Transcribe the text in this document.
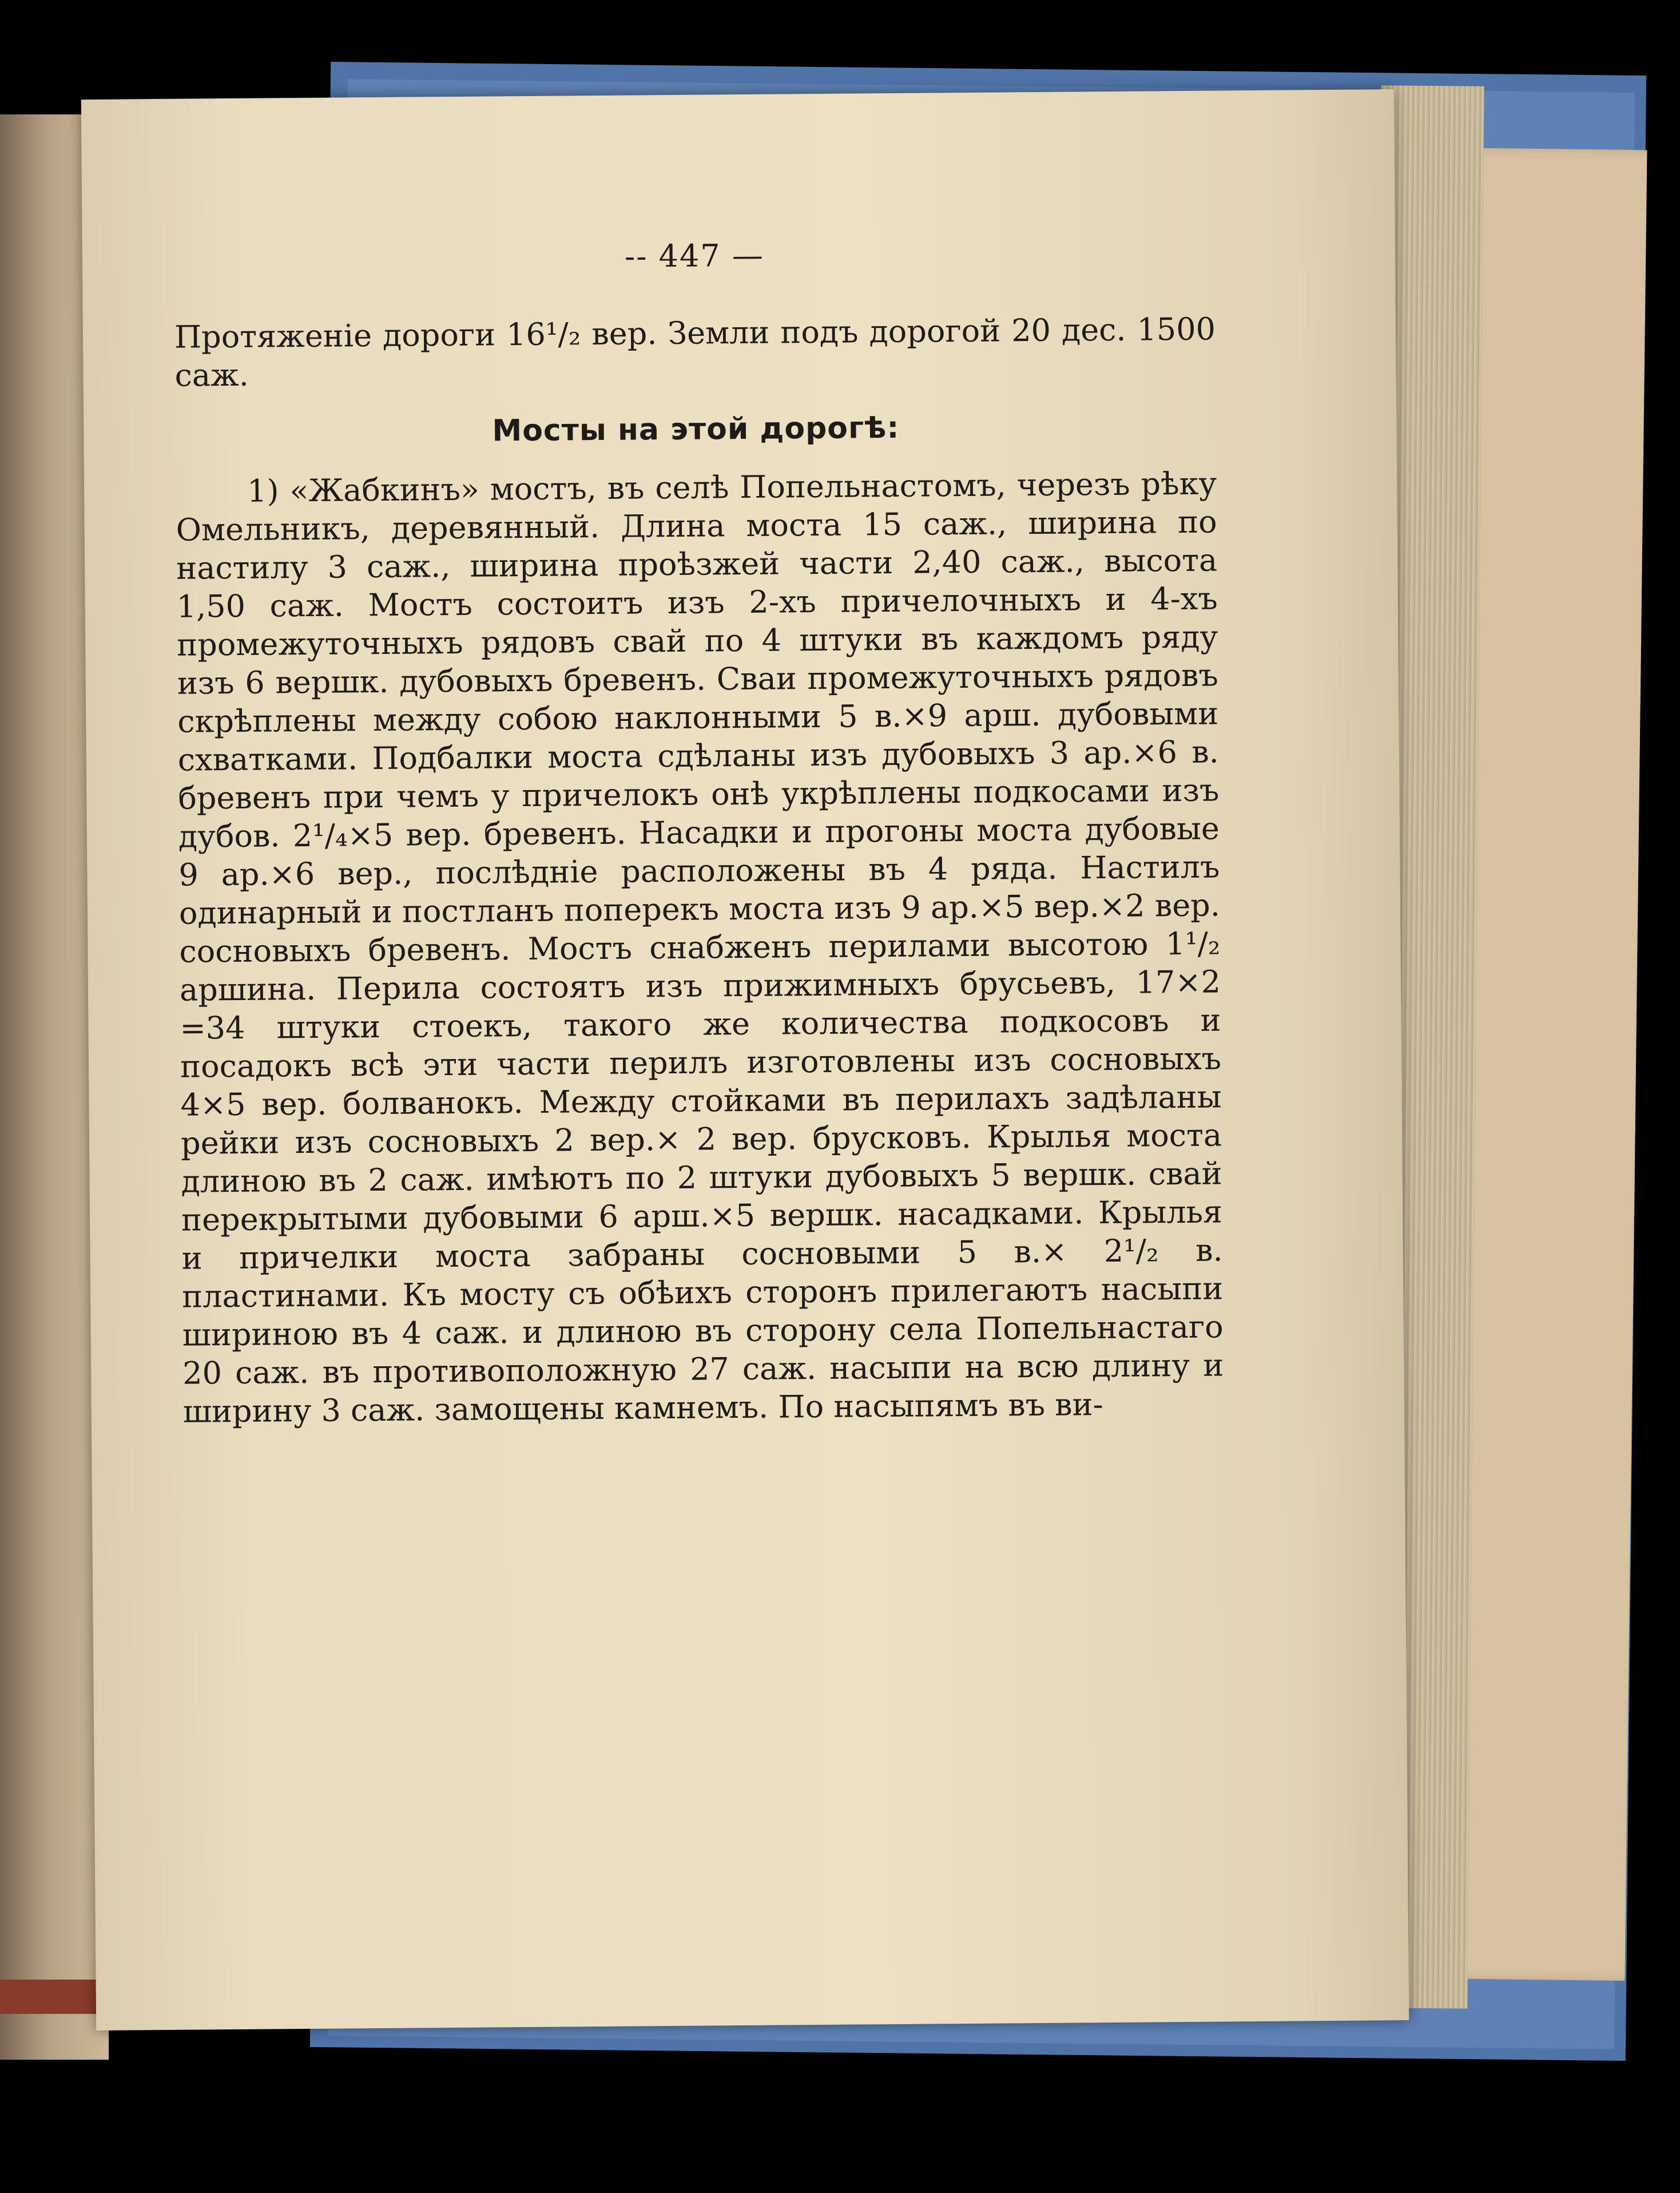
-- 447 —

Протяженіе дороги 16¹/₂ вер. Земли подъ дорогой 20 дес. 1500 саж.

Мосты на этой дорогѣ:

1) «Жабкинъ» мостъ, въ селѣ Попельнастомъ, черезъ рѣку Омельникъ, деревянный. Длина моста 15 саж., ширина по настилу 3 саж., ширина проѣзжей части 2,40 саж., высота 1,50 саж. Мостъ состоитъ изъ 2-хъ причелочныхъ и 4-хъ промежуточныхъ рядовъ свай по 4 штуки въ каждомъ ряду изъ 6 вершк. дубовыхъ бревенъ. Сваи промежуточныхъ рядовъ скрѣплены между собою наклонными 5 в.×9 арш. дубовыми схватками. Подбалки моста сдѣланы изъ дубовыхъ 3 ар.×6 в. бревенъ при чемъ у причелокъ онѣ укрѣплены подкосами изъ дубов. 2¹/₄×5 вер. бревенъ. Насадки и прогоны моста дубовые 9 ар.×6 вер., послѣдніе расположены въ 4 ряда. Настилъ одинарный и постланъ поперекъ моста изъ 9 ар.×5 вер.×2 вер. сосновыхъ бревенъ. Мостъ снабженъ перилами высотою 1¹/₂ аршина. Перила состоятъ изъ прижимныхъ брусьевъ, 17×2 =34 штуки стоекъ, такого же количества подкосовъ и посадокъ всѣ эти части перилъ изготовлены изъ сосновыхъ 4×5 вер. болванокъ. Между стойками въ перилахъ задѣланы рейки изъ сосновыхъ 2 вер.× 2 вер. брусковъ. Крылья моста длиною въ 2 саж. имѣютъ по 2 штуки дубовыхъ 5 вершк. свай перекрытыми дубовыми 6 арш.×5 вершк. насадками. Крылья и причелки моста забраны сосновыми 5 в.× 2¹/₂ в. пластинами. Къ мосту съ обѣихъ сторонъ прилегаютъ насыпи шириною въ 4 саж. и длиною въ сторону села Попельнастаго 20 саж. въ противоположную 27 саж. насыпи на всю длину и ширину 3 саж. замощены камнемъ. По насыпямъ въ ви-
